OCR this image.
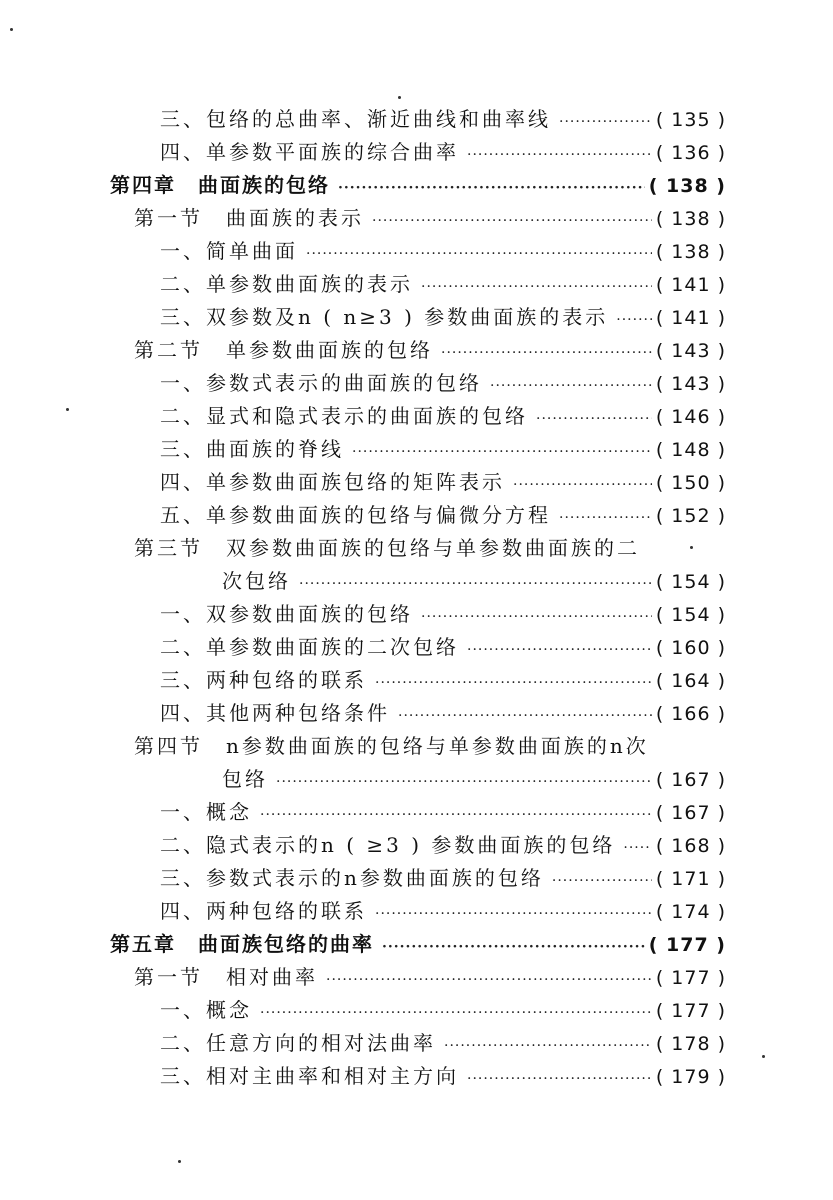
三、包络的总曲率、渐近曲线和曲率线 ·····	( 135 )
四、单参数平面族的综合曲率 ·····	( 136 )
第四章　曲面族的包络 ·····	( 138 )
第一节　曲面族的表示 ·····	( 138 )
一、简单曲面 ·····	( 138 )
二、单参数曲面族的表示 ·····	( 141 )
三、双参数及n ( n≥3 ) 参数曲面族的表示 ·····	( 141 )
第二节　单参数曲面族的包络 ·····	( 143 )
一、参数式表示的曲面族的包络 ·····	( 143 )
二、显式和隐式表示的曲面族的包络 ·····	( 146 )
三、曲面族的脊线 ·····	( 148 )
四、单参数曲面族包络的矩阵表示 ·····	( 150 )
五、单参数曲面族的包络与偏微分方程 ·····	( 152 )
第三节　双参数曲面族的包络与单参数曲面族的二
次包络 ·····	( 154 )
一、双参数曲面族的包络 ·····	( 154 )
二、单参数曲面族的二次包络 ·····	( 160 )
三、两种包络的联系 ·····	( 164 )
四、其他两种包络条件 ·····	( 166 )
第四节　n参数曲面族的包络与单参数曲面族的n次
包络 ·····	( 167 )
一、概念 ·····	( 167 )
二、隐式表示的n ( ≥3 ) 参数曲面族的包络 ····· ( 168 )
三、参数式表示的n参数曲面族的包络 ·····	( 171 )
四、两种包络的联系 ·····	( 174 )
第五章　曲面族包络的曲率 ·····	( 177 )
第一节　相对曲率 ·····	( 177 )
一、概念 ·····	( 177 )
二、任意方向的相对法曲率 ·····	( 178 )
三、相对主曲率和相对主方向 ·····	( 179 )
